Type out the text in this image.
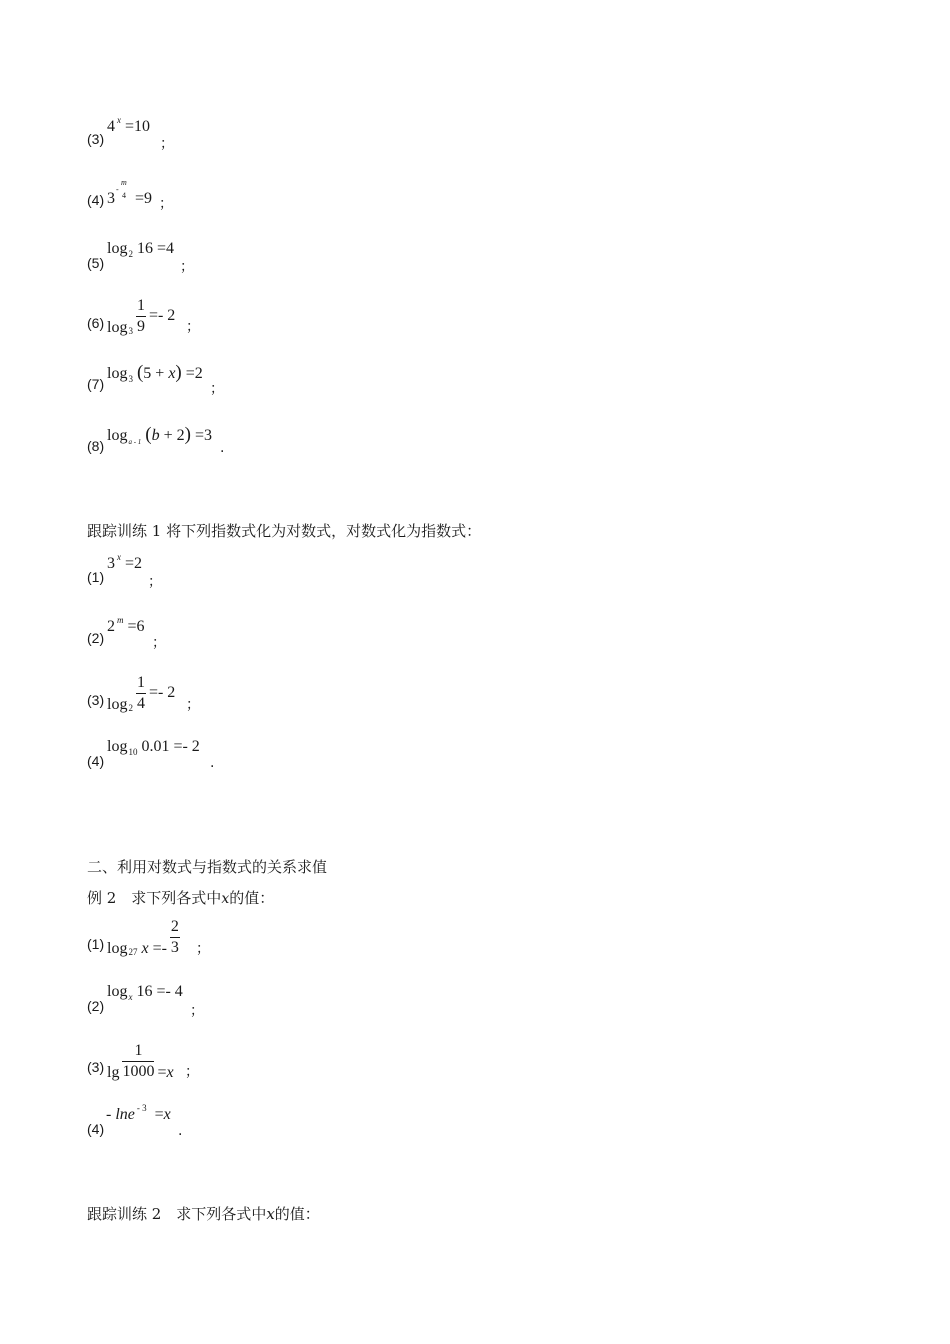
(3)
4 $^x$ =10
；
(4) 3
-
m
4 =9 ；
(5)
$\log_2 16 =4$
；
(6) $\log_3 \frac{1}{9} =- 2$
；
(7)
$\log_3 (5 + x) =2$
；
(8)
$\log_{a - 1} (b + 2) =3$
.
跟踪训练 1 将下列指数式化为对数式，对数式化为指数式：
(1)
3 $^x$ =2
；
(2)
2 $^m$ =6
；
(3) $\log_2 \frac{1}{4} =- 2$
；
(4)
$\log_{10} 0.01 =- 2$
.
二、利用对数式与指数式的关系求值
例 2　求下列各式中x的值：
(1) $\log_{27} x =- \frac{2}{3}$ ；
(2)
$\log_x 16 =- 4$
；
(3) $\lg \frac{1}{1000} =x$ ；
(4)
- lne $^{- 3}$ =x
.
跟踪训练 2　求下列各式中x的值：
